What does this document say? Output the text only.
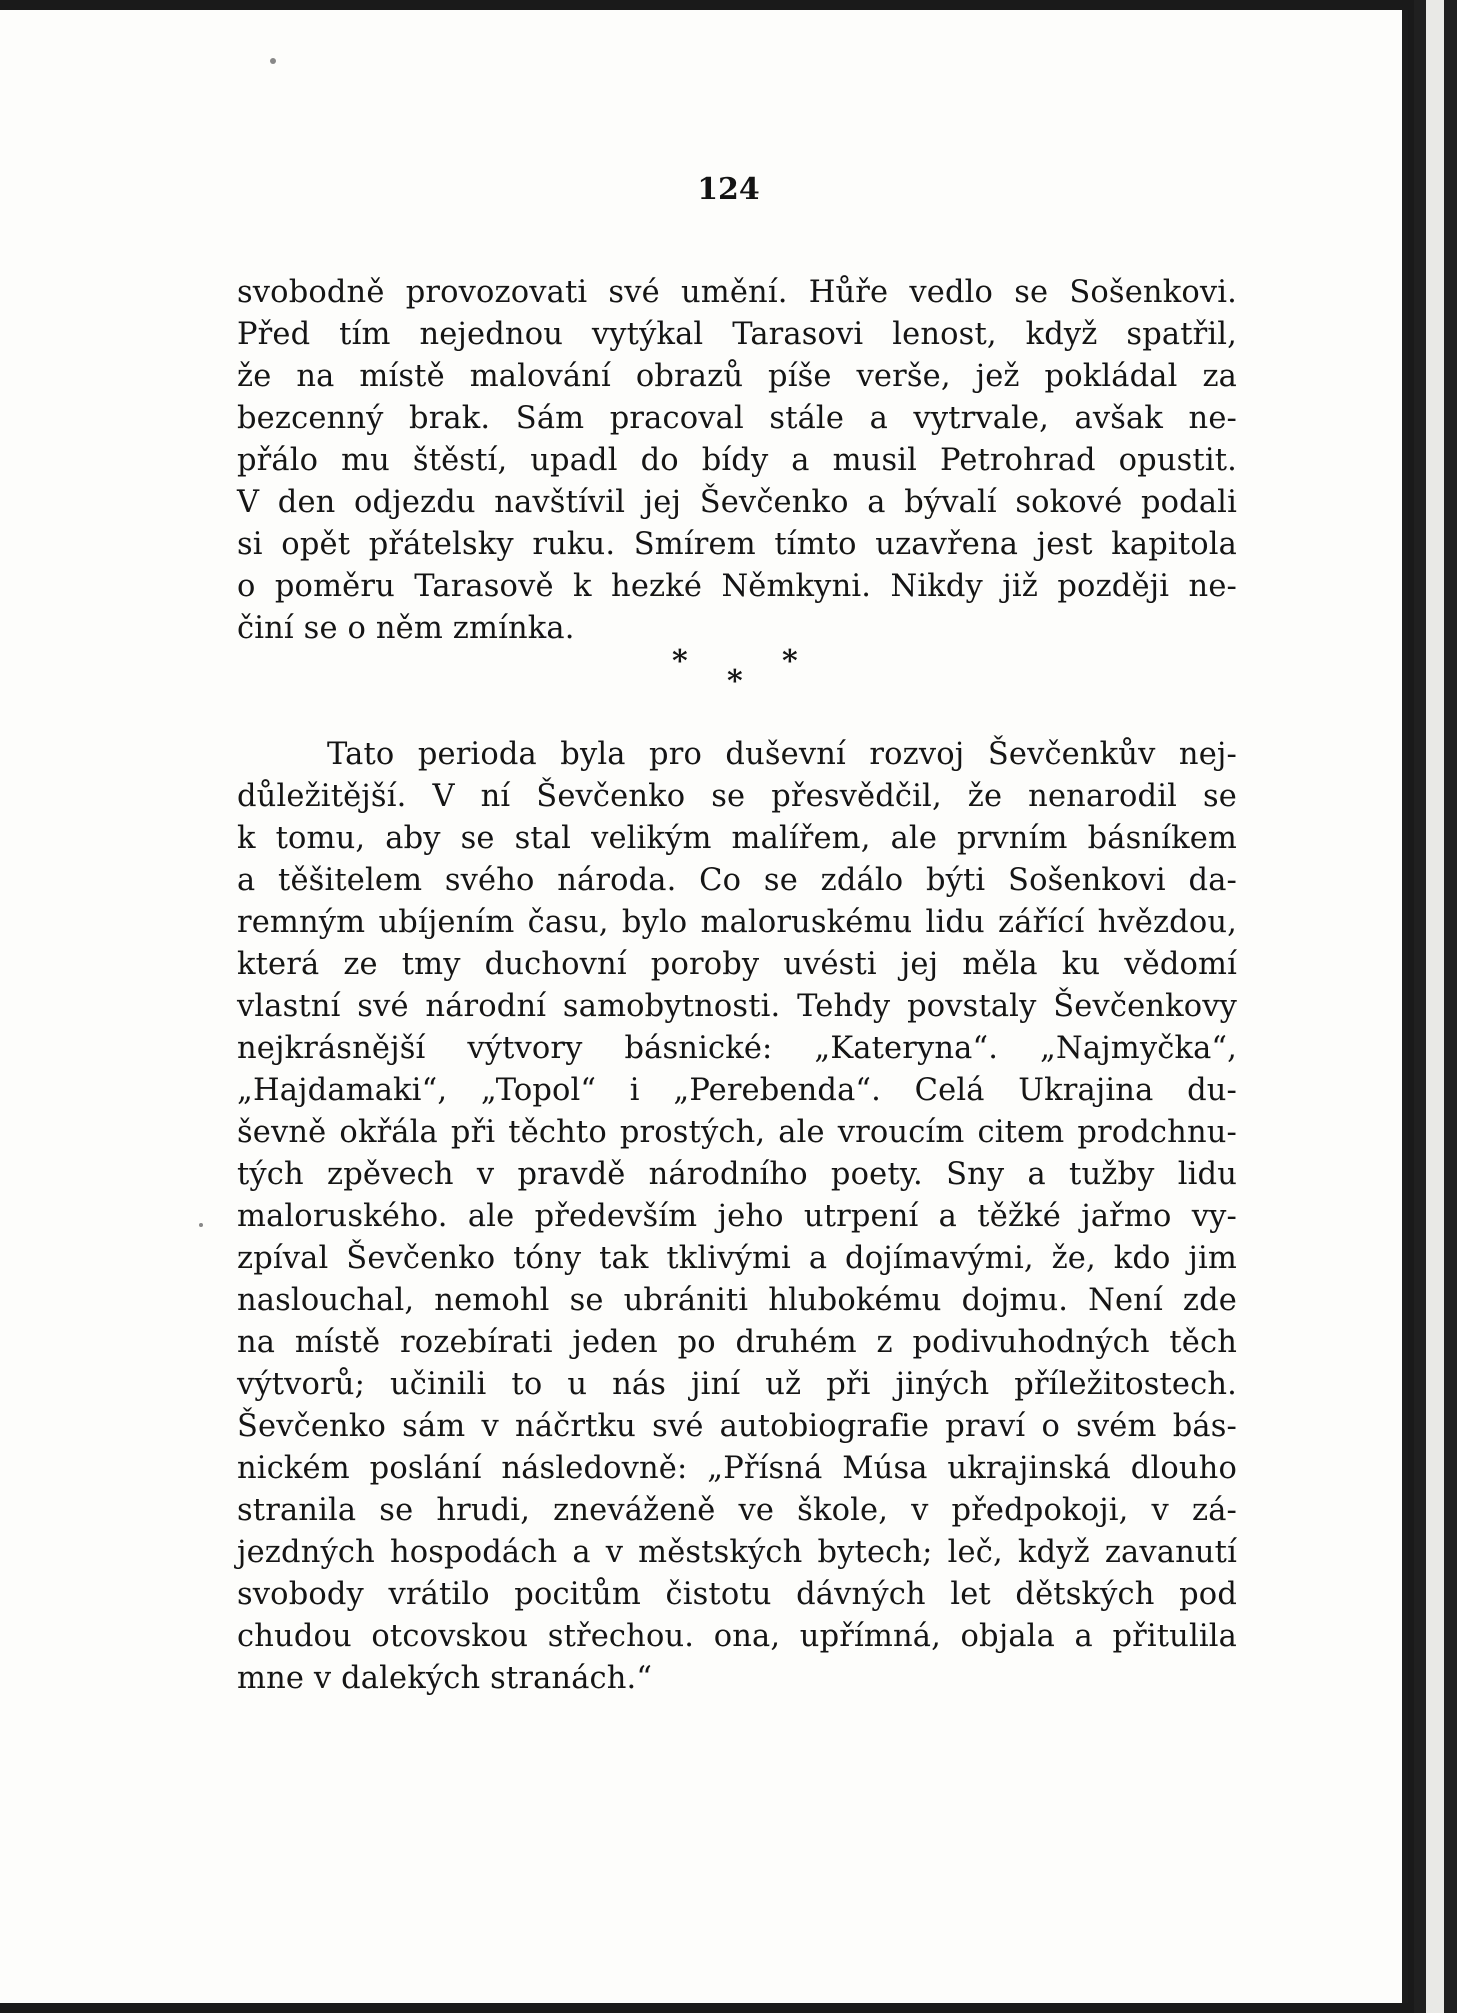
124
svobodně provozovati své umění. Hůře vedlo se Sošenkovi.
Před tím nejednou vytýkal Tarasovi lenost, když spatřil,
že na místě malování obrazů píše verše, jež pokládal za
bezcenný brak. Sám pracoval stále a vytrvale, avšak ne-
přálo mu štěstí, upadl do bídy a musil Petrohrad opustit.
V den odjezdu navštívil jej Ševčenko a bývalí sokové podali
si opět přátelsky ruku. Smírem tímto uzavřena jest kapitola
o poměru Tarasově k hezké Němkyni. Nikdy již později ne-
činí se o něm zmínka.
*
*
*
Tato perioda byla pro duševní rozvoj Ševčenkův nej-
důležitější. V ní Ševčenko se přesvědčil, že nenarodil se
k tomu, aby se stal velikým malířem, ale prvním básníkem
a těšitelem svého národa. Co se zdálo býti Sošenkovi da-
remným ubíjením času, bylo maloruskému lidu zářící hvězdou,
která ze tmy duchovní poroby uvésti jej měla ku vědomí
vlastní své národní samobytnosti. Tehdy povstaly Ševčenkovy
nejkrásnější výtvory básnické: „Kateryna“. „Najmyčka“,
„Hajdamaki“, „Topol“ i „Perebenda“. Celá Ukrajina du-
ševně okřála při těchto prostých, ale vroucím citem prodchnu-
tých zpěvech v pravdě národního poety. Sny a tužby lidu
maloruského. ale především jeho utrpení a těžké jařmo vy-
zpíval Ševčenko tóny tak tklivými a dojímavými, že, kdo jim
naslouchal, nemohl se ubrániti hlubokému dojmu. Není zde
na místě rozebírati jeden po druhém z podivuhodných těch
výtvorů; učinili to u nás jiní už při jiných příležitostech.
Ševčenko sám v náčrtku své autobiografie praví o svém bás-
nickém poslání následovně: „Přísná Músa ukrajinská dlouho
stranila se hrudi, zneváženě ve škole, v předpokoji, v zá-
jezdných hospodách a v městských bytech; leč, když zavanutí
svobody vrátilo pocitům čistotu dávných let dětských pod
chudou otcovskou střechou. ona, upřímná, objala a přitulila
mne v dalekých stranách.“
